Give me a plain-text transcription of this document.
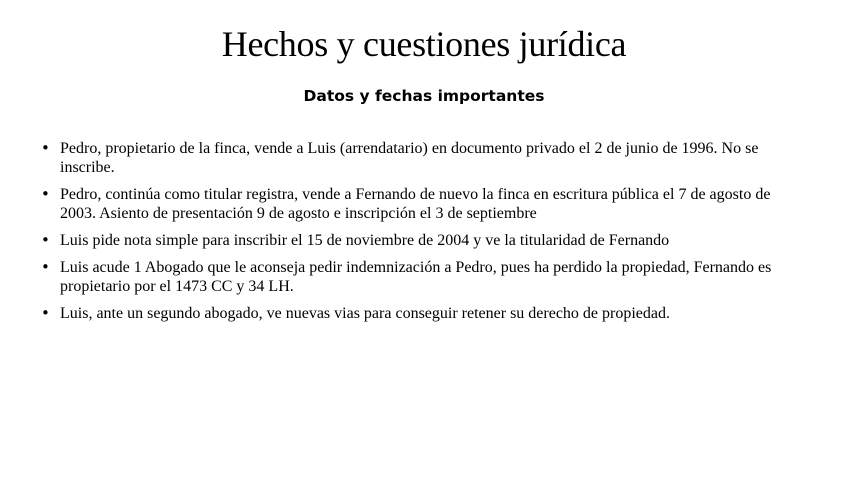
Hechos y cuestiones jurídica
Datos y fechas importantes
• Pedro, propietario de la finca, vende a Luis (arrendatario) en documento privado el 2 de junio de 1996. No se inscribe.
• Pedro, continúa como titular registra, vende a Fernando de nuevo la finca en escritura pública el 7 de agosto de 2003. Asiento de presentación 9 de agosto e inscripción el 3 de septiembre
• Luis pide nota simple para inscribir el 15 de noviembre de 2004 y ve la titularidad de Fernando
• Luis acude 1 Abogado que le aconseja pedir indemnización a Pedro, pues ha perdido la propiedad, Fernando es propietario por el 1473 CC y 34 LH.
• Luis, ante un segundo abogado, ve nuevas vias para conseguir retener su derecho de propiedad.
